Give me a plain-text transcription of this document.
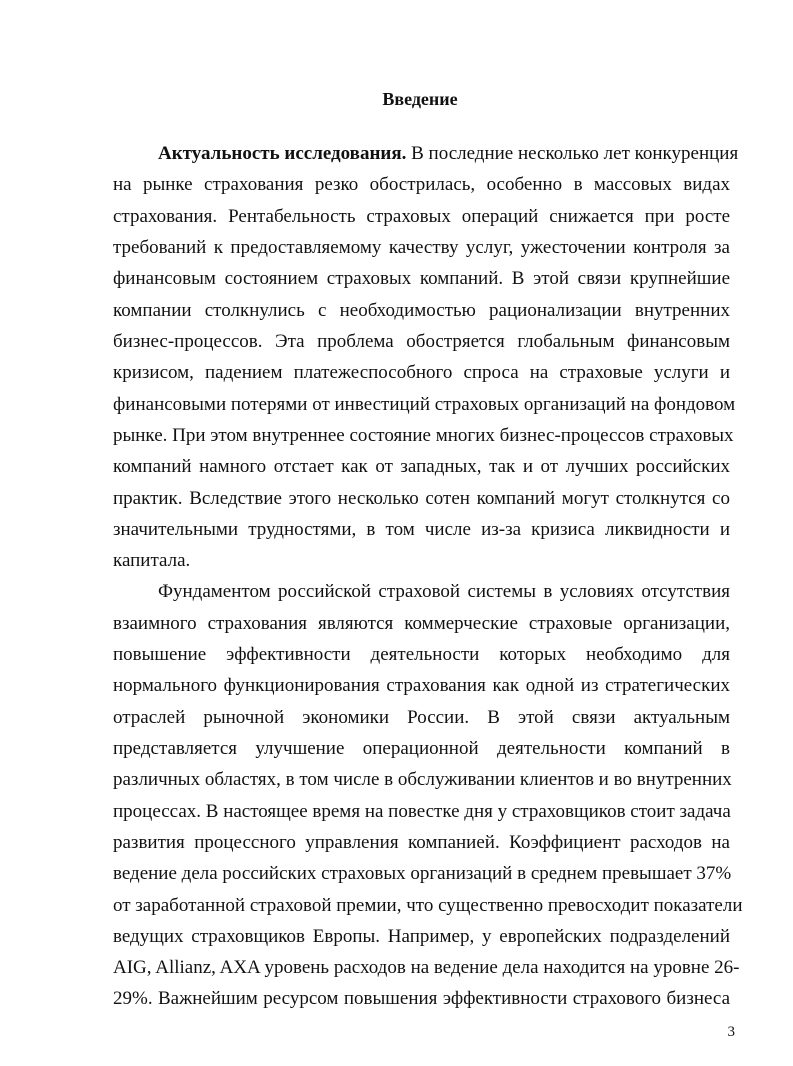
Введение
Актуальность исследования. В последние несколько лет конкуренция
на рынке страхования резко обострилась, особенно в массовых видах
страхования. Рентабельность страховых операций снижается при росте
требований к предоставляемому качеству услуг, ужесточении контроля за
финансовым состоянием страховых компаний. В этой связи крупнейшие
компании столкнулись с необходимостью рационализации внутренних
бизнес-процессов. Эта проблема обостряется глобальным финансовым
кризисом, падением платежеспособного спроса на страховые услуги и
финансовыми потерями от инвестиций страховых организаций на фондовом
рынке. При этом внутреннее состояние многих бизнес-процессов страховых
компаний намного отстает как от западных, так и от лучших российских
практик. Вследствие этого несколько сотен компаний могут столкнутся со
значительными трудностями, в том числе из-за кризиса ликвидности и
капитала.
Фундаментом российской страховой системы в условиях отсутствия
взаимного страхования являются коммерческие страховые организации,
повышение эффективности деятельности которых необходимо для
нормального функционирования страхования как одной из стратегических
отраслей рыночной экономики России. В этой связи актуальным
представляется улучшение операционной деятельности компаний в
различных областях, в том числе в обслуживании клиентов и во внутренних
процессах. В настоящее время на повестке дня у страховщиков стоит задача
развития процессного управления компанией. Коэффициент расходов на
ведение дела российских страховых организаций в среднем превышает 37%
от заработанной страховой премии, что существенно превосходит показатели
ведущих страховщиков Европы. Например, у европейских подразделений
AIG, Allianz, AXA уровень расходов на ведение дела находится на уровне 26-
29%. Важнейшим ресурсом повышения эффективности страхового бизнеса
3
